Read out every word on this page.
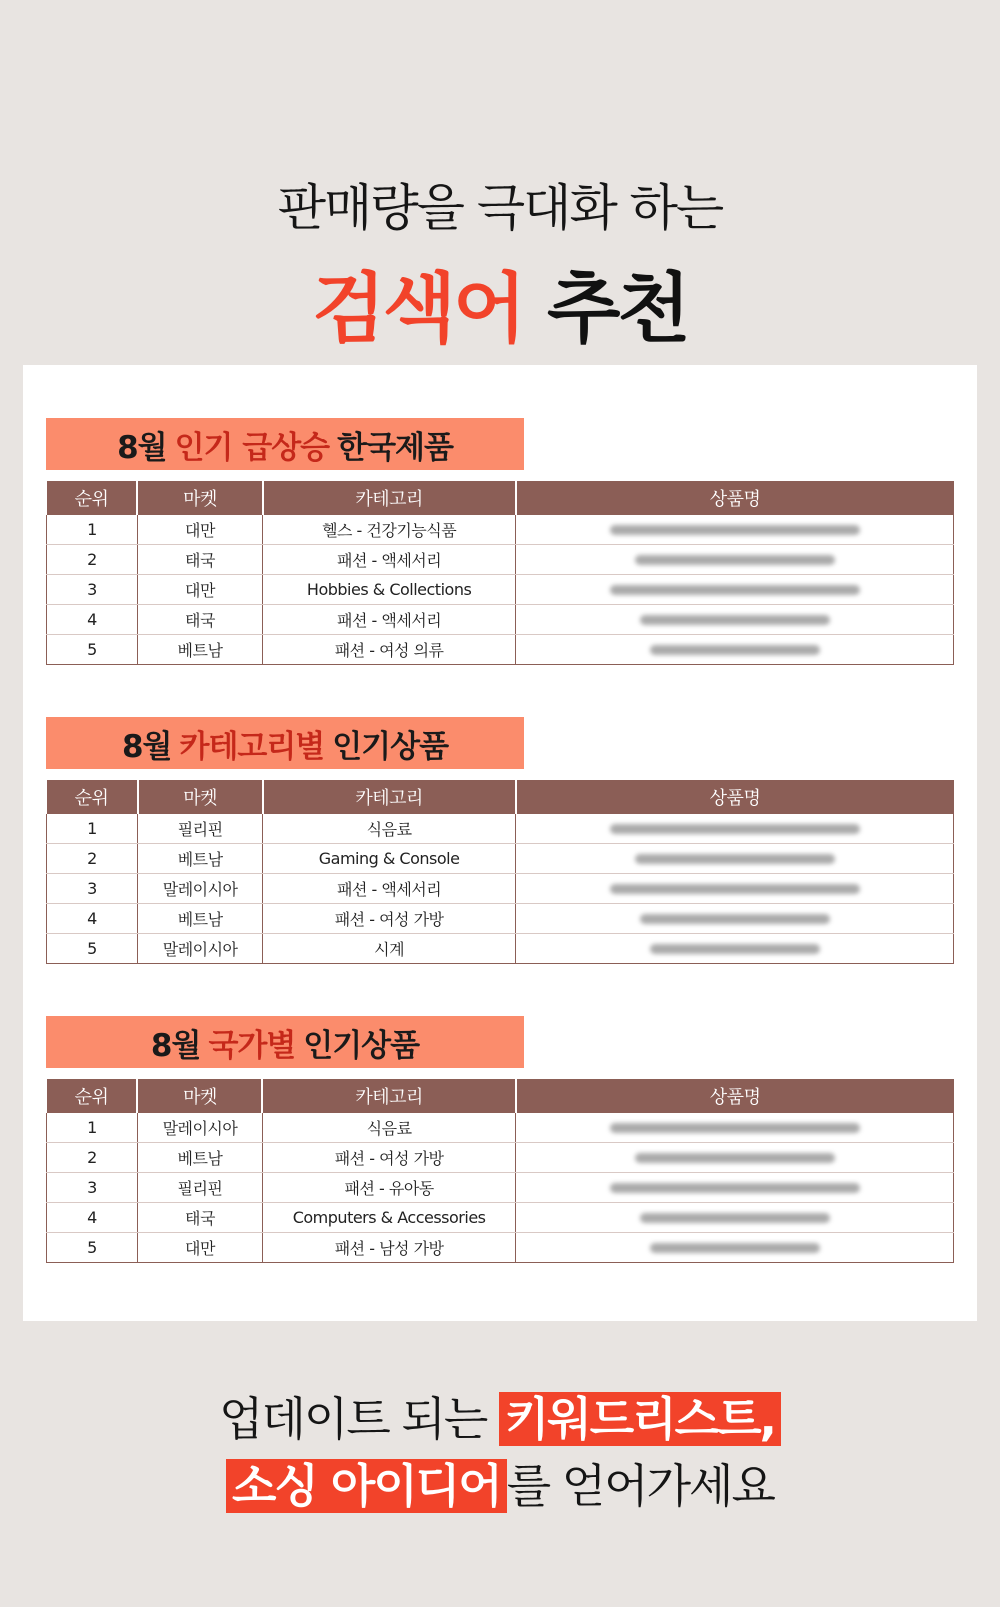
판매량을 극대화 하는
검색어 추천
8월 인기 급상승 한국제품
순위	마켓	카테고리	상품명
1	대만	헬스 - 건강기능식품	
2	태국	패션 - 액세서리	
3	대만	Hobbies & Collections	
4	태국	패션 - 액세서리	
5	베트남	패션 - 여성 의류	
8월 카테고리별 인기상품
순위	마켓	카테고리	상품명
1	필리핀	식음료	
2	베트남	Gaming & Console	
3	말레이시아	패션 - 액세서리	
4	베트남	패션 - 여성 가방	
5	말레이시아	시계	
8월 국가별 인기상품
순위	마켓	카테고리	상품명
1	말레이시아	식음료	
2	베트남	패션 - 여성 가방	
3	필리핀	패션 - 유아동	
4	태국	Computers & Accessories	
5	대만	패션 - 남성 가방	
업데이트 되는 키워드리스트,
소싱 아이디어 를 얻어가세요
